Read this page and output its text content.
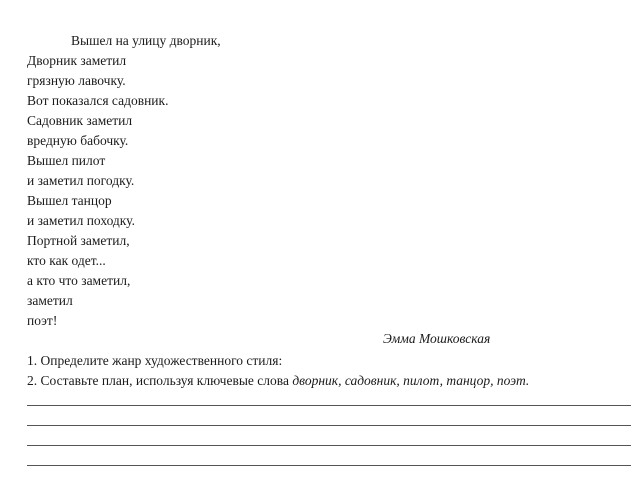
Вышел на улицу дворник,
Дворник заметил
грязную лавочку.
Вот показался садовник.
Садовник заметил
вредную бабочку.
Вышел пилот
и заметил погодку.
Вышел танцор
и заметил походку.
Портной заметил,
кто как одет...
а кто что заметил,
заметил
поэт!
Эмма Мошковская
1. Определите жанр художественного стиля:
2. Составьте план, используя ключевые слова дворник, садовник, пилот, танцор, поэт.
